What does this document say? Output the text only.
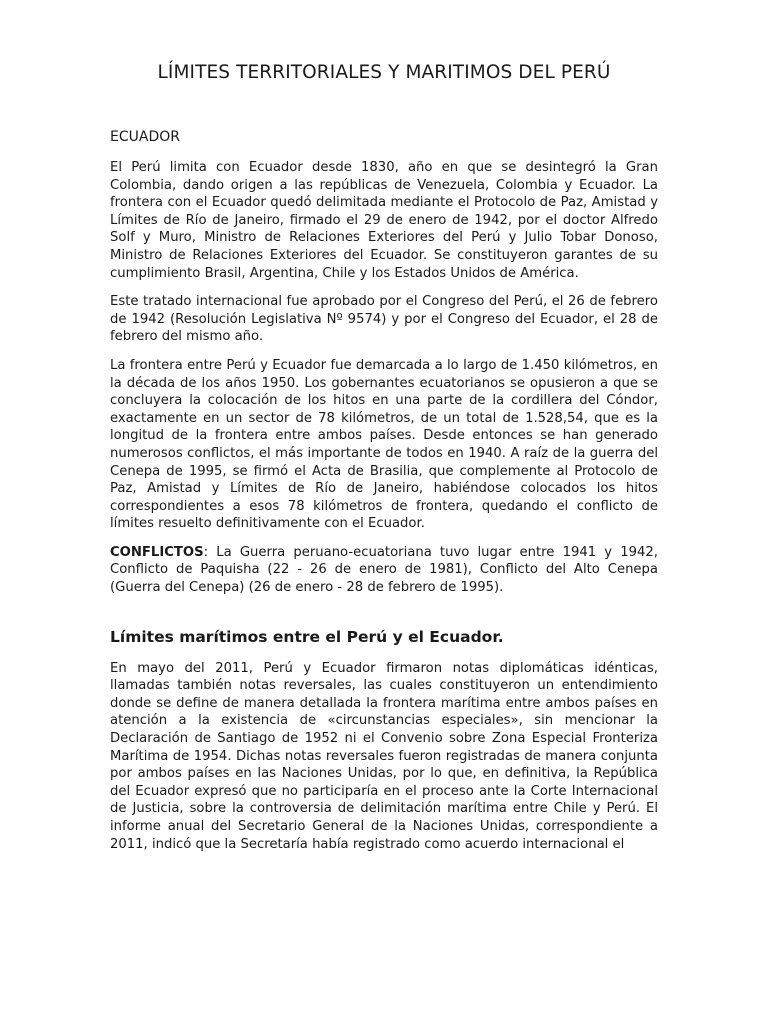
LÍMITES TERRITORIALES Y MARITIMOS DEL PERÚ
ECUADOR

El Perú limita con Ecuador desde 1830, año en que se desintegró la Gran Colombia, dando origen a las repúblicas de Venezuela, Colombia y Ecuador. La frontera con el Ecuador quedó delimitada mediante el Protocolo de Paz, Amistad y Límites de Río de Janeiro, firmado el 29 de enero de 1942, por el doctor Alfredo Solf y Muro, Ministro de Relaciones Exteriores del Perú y Julio Tobar Donoso, Ministro de Relaciones Exteriores del Ecuador. Se constituyeron garantes de su cumplimiento Brasil, Argentina, Chile y los Estados Unidos de América.

Este tratado internacional fue aprobado por el Congreso del Perú, el 26 de febrero de 1942 (Resolución Legislativa Nº 9574) y por el Congreso del Ecuador, el 28 de febrero del mismo año.

La frontera entre Perú y Ecuador fue demarcada a lo largo de 1.450 kilómetros, en la década de los años 1950. Los gobernantes ecuatorianos se opusieron a que se concluyera la colocación de los hitos en una parte de la cordillera del Cóndor, exactamente en un sector de 78 kilómetros, de un total de 1.528,54, que es la longitud de la frontera entre ambos países. Desde entonces se han generado numerosos conflictos, el más importante de todos en 1940. A raíz de la guerra del Cenepa de 1995, se firmó el Acta de Brasilia, que complemente al Protocolo de Paz, Amistad y Límites de Río de Janeiro, habiéndose colocados los hitos correspondientes a esos 78 kilómetros de frontera, quedando el conflicto de límites resuelto definitivamente con el Ecuador.

CONFLICTOS: La Guerra peruano-ecuatoriana tuvo lugar entre 1941 y 1942, Conflicto de Paquisha (22 - 26 de enero de 1981), Conflicto del Alto Cenepa (Guerra del Cenepa) (26 de enero - 28 de febrero de 1995).

Límites marítimos entre el Perú y el Ecuador.

En mayo del 2011, Perú y Ecuador firmaron notas diplomáticas idénticas, llamadas también notas reversales, las cuales constituyeron un entendimiento donde se define de manera detallada la frontera marítima entre ambos países en atención a la existencia de «circunstancias especiales», sin mencionar la Declaración de Santiago de 1952 ni el Convenio sobre Zona Especial Fronteriza Marítima de 1954. Dichas notas reversales fueron registradas de manera conjunta por ambos países en las Naciones Unidas, por lo que, en definitiva, la República del Ecuador expresó que no participaría en el proceso ante la Corte Internacional de Justicia, sobre la controversia de delimitación marítima entre Chile y Perú. El informe anual del Secretario General de la Naciones Unidas, correspondiente a 2011, indicó que la Secretaría había registrado como acuerdo internacional el
